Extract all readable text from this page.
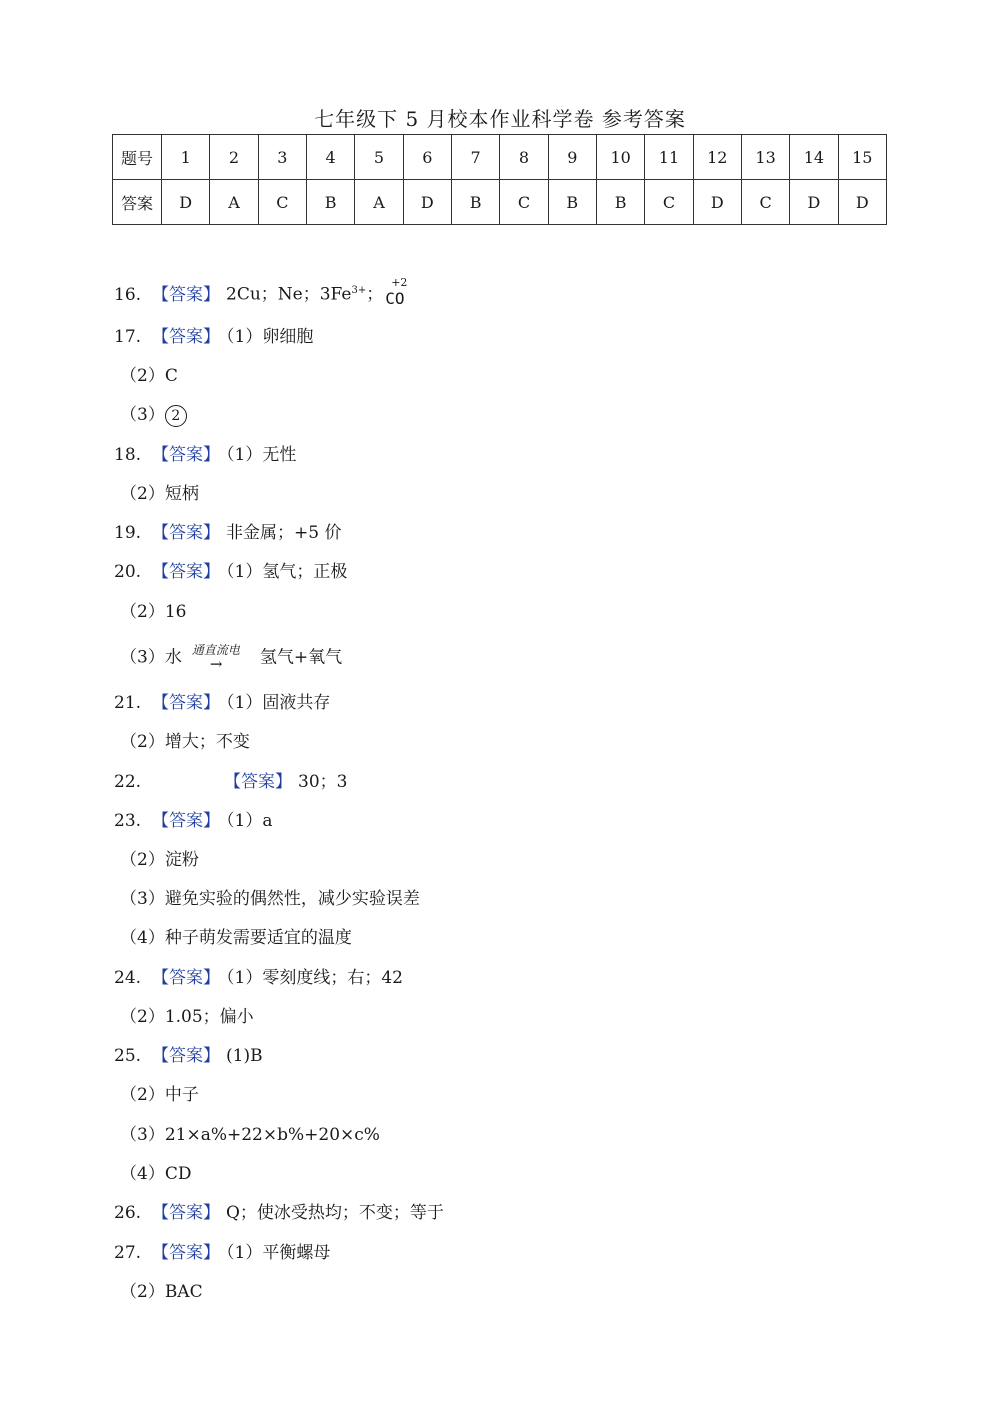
七年级下 5 月校本作业科学卷 参考答案
题号	1	2	3	4	5	6	7	8	9	10	11	12	13	14	15
答案	D	A	C	B	A	D	B	C	B	B	C	D	C	D	D
16. 【答案】 2Cu；Ne；$3Fe^{3+}$；
+2
CO
17. 【答案】 （1）卵细胞
（2）C
（3） 2
18. 【答案】 （1）无性
（2）短柄
19. 【答案】 非金属；+5 价
20. 【答案】 （1）氢气；正极
（2）16
（3）水 通直流电
→ 氢气+氧气
21. 【答案】 （1）固液共存
（2）增大；不变
22.	【答案】 30；3
23. 【答案】 （1）a
（2）淀粉
（3）避免实验的偶然性，减少实验误差
（4）种子萌发需要适宜的温度
24. 【答案】 （1）零刻度线；右；42
（2）1.05；偏小
25. 【答案】 (1)B
（2）中子
（3）21×a%+22×b%+20×c%
（4）CD
26. 【答案】 Q；使冰受热均；不变；等于
27. 【答案】 （1）平衡螺母
（2）BAC
